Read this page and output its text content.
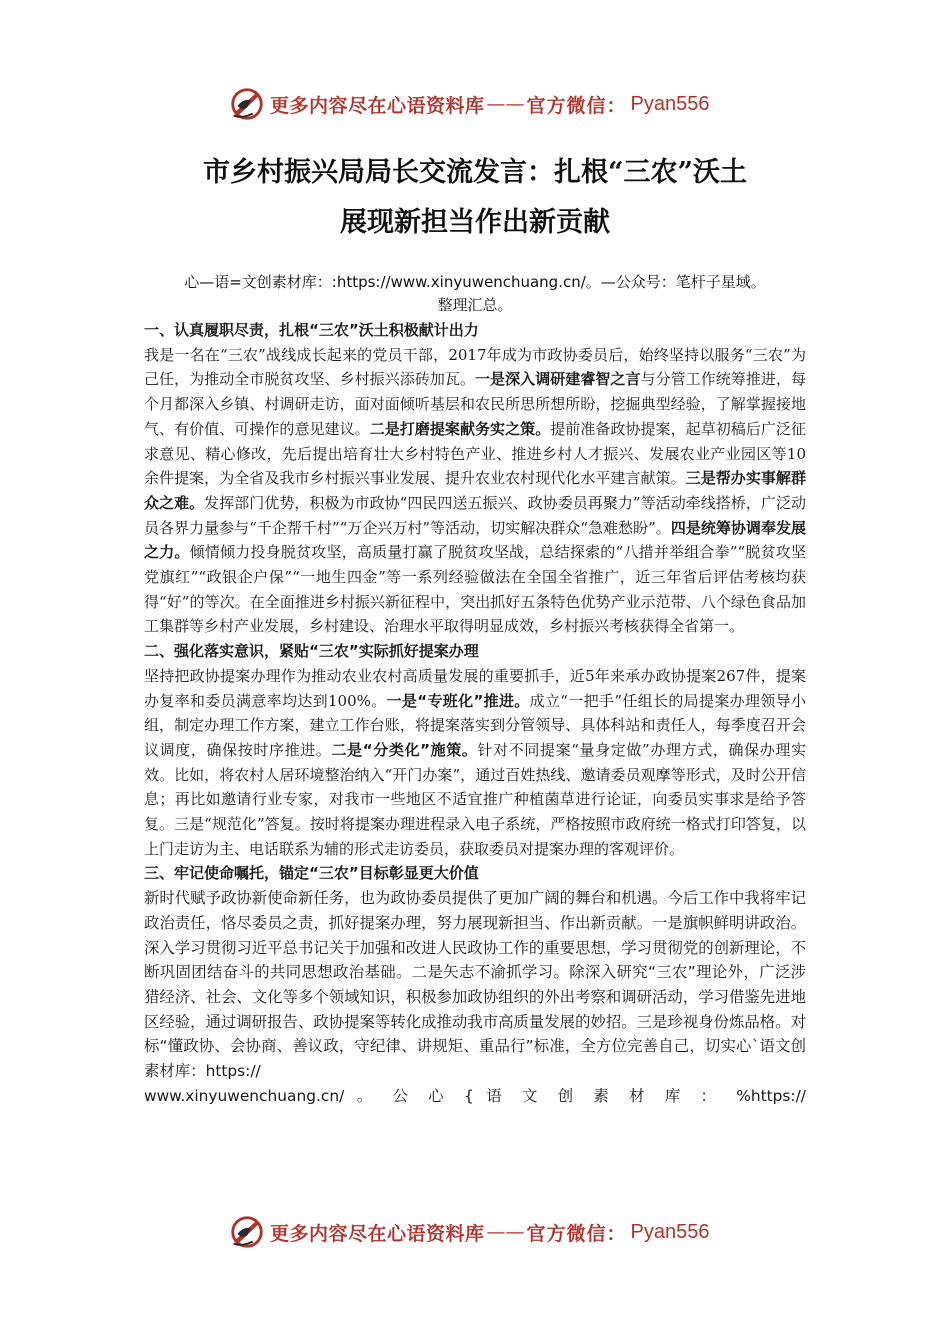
更多内容尽在心语资料库 —— 官方微信： Pyan556
市乡村振兴局局长交流发言：扎根“三农”沃土
展现新担当作出新贡献
心—语=文创素材库：:https://www.xinyuwenchuang.cn/。—公众号：笔杆子星域。
整理汇总。
一、认真履职尽责，扎根“三农”沃土积极献计出力

我是一名在“三农”战线成长起来的党员干部，2017年成为市政协委员后，始终坚持以服务“三农”为己任，为推动全市脱贫攻坚、乡村振兴添砖加瓦。一是深入调研建睿智之言与分管工作统筹推进，每个月都深入乡镇、村调研走访，面对面倾听基层和农民所思所想所盼，挖掘典型经验，了解掌握接地气、有价值、可操作的意见建议。二是打磨提案献务实之策。提前准备政协提案，起草初稿后广泛征求意见、精心修改，先后提出培育壮大乡村特色产业、推进乡村人才振兴、发展农业产业园区等10余件提案，为全省及我市乡村振兴事业发展、提升农业农村现代化水平建言献策。三是帮办实事解群众之难。发挥部门优势，积极为市政协“四民四送五振兴、政协委员再聚力”等活动牵线搭桥，广泛动员各界力量参与“千企帮千村”“万企兴万村”等活动，切实解决群众“急难愁盼”。四是统筹协调奉发展之力。倾情倾力投身脱贫攻坚，高质量打赢了脱贫攻坚战，总结探索的“八措并举组合拳”“脱贫攻坚党旗红”“政银企户保”“一地生四金”等一系列经验做法在全国全省推广，近三年省后评估考核均获得“好”的等次。在全面推进乡村振兴新征程中，突出抓好五条特色优势产业示范带、八个绿色食品加工集群等乡村产业发展，乡村建设、治理水平取得明显成效，乡村振兴考核获得全省第一。

二、强化落实意识，紧贴“三农”实际抓好提案办理

坚持把政协提案办理作为推动农业农村高质量发展的重要抓手，近5年来承办政协提案267件，提案办复率和委员满意率均达到100%。一是“专班化”推进。成立“一把手”任组长的局提案办理领导小组，制定办理工作方案，建立工作台账，将提案落实到分管领导、具体科站和责任人，每季度召开会议调度，确保按时序推进。二是“分类化”施策。针对不同提案“量身定做”办理方式，确保办理实效。比如，将农村人居环境整治纳入“开门办案”，通过百姓热线、邀请委员观摩等形式，及时公开信息；再比如邀请行业专家，对我市一些地区不适宜推广种植菌草进行论证，向委员实事求是给予答复。三是“规范化”答复。按时将提案办理进程录入电子系统，严格按照市政府统一格式打印答复，以上门走访为主、电话联系为辅的形式走访委员，获取委员对提案办理的客观评价。

三、牢记使命嘱托，锚定“三农”目标彰显更大价值

新时代赋予政协新使命新任务，也为政协委员提供了更加广阔的舞台和机遇。今后工作中我将牢记政治责任，恪尽委员之责，抓好提案办理，努力展现新担当、作出新贡献。一是旗帜鲜明讲政治。深入学习贯彻习近平总书记关于加强和改进人民政协工作的重要思想，学习贯彻党的创新理论，不断巩固团结奋斗的共同思想政治基础。二是矢志不渝抓学习。除深入研究“三农”理论外，广泛涉猎经济、社会、文化等多个领域知识，积极参加政协组织的外出考察和调研活动，学习借鉴先进地区经验，通过调研报告、政协提案等转化成推动我市高质量发展的妙招。三是珍视身份炼品格。对标“懂政协、会协商、善议政，守纪律、讲规矩、重品行”标准，全方位完善自己，切实心`语文创素材库：https://
www.xinyuwenchuang.cn/ 。 公 心 { 语 文 创 素 材 库 ： %https://

更多内容尽在心语资料库 —— 官方微信： Pyan556
